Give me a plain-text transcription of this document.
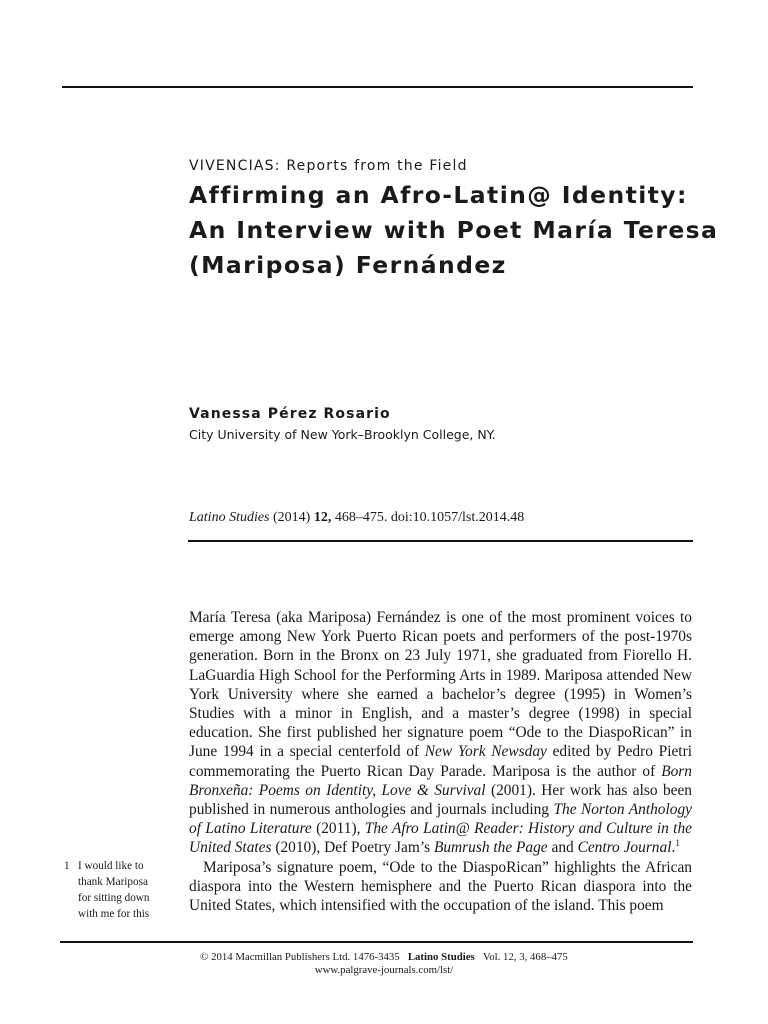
VIVENCIAS: Reports from the Field
Affirming an Afro-Latin@ Identity:
An Interview with Poet María Teresa
(Mariposa) Fernández
Vanessa Pérez Rosario
City University of New York–Brooklyn College, NY.
Latino Studies (2014) 12, 468–475. doi:10.1057/lst.2014.48

María Teresa (aka Mariposa) Fernández is one of the most prominent voices to emerge among New York Puerto Rican poets and performers of the post-1970s generation. Born in the Bronx on 23 July 1971, she graduated from Fiorello H. LaGuardia High School for the Performing Arts in 1989. Mariposa attended New York University where she earned a bachelor’s degree (1995) in Women’s Studies with a minor in English, and a master’s degree (1998) in special education. She first published her signature poem “Ode to the DiaspoRican” in June 1994 in a special centerfold of New York Newsday edited by Pedro Pietri commemorating the Puerto Rican Day Parade. Mariposa is the author of Born Bronxeña: Poems on Identity, Love & Survival (2001). Her work has also been published in numerous anthologies and journals including The Norton Anthology of Latino Literature (2011), The Afro Latin@ Reader: History and Culture in the United States (2010), Def Poetry Jam’s Bumrush the Page and Centro Journal.$^1$

Mariposa’s signature poem, “Ode to the DiaspoRican” highlights the African diaspora into the Western hemisphere and the Puerto Rican diaspora into the United States, which intensified with the occupation of the island. This poem

1 I would like to
thank Mariposa
for sitting down
with me for this
© 2014 Macmillan Publishers Ltd. 1476-3435 Latino Studies Vol. 12, 3, 468–475
www.palgrave-journals.com/lst/
